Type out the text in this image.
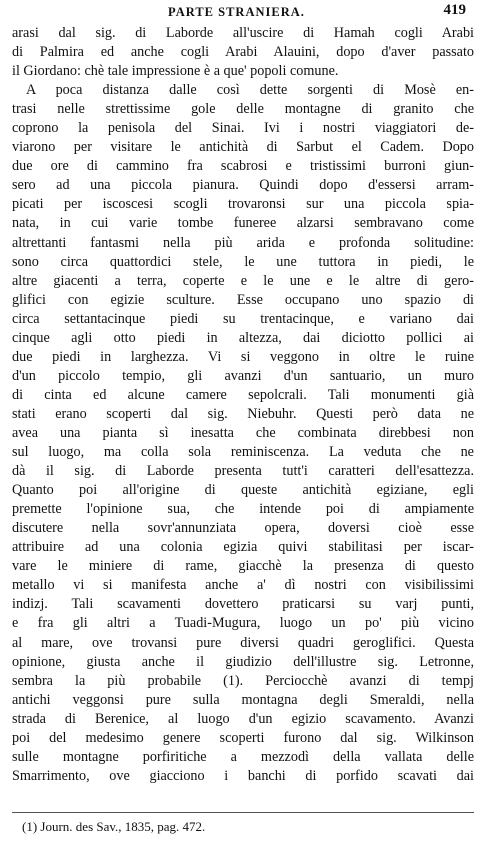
PARTE STRANIERA.	419
arasi dal sig. di Laborde all'uscire di Hamah cogli Arabi
di Palmira ed anche cogli Arabi Alauini, dopo d'aver passato
il Giordano: chè tale impressione è a que' popoli comune.
A poca distanza dalle così dette sorgenti di Mosè en-
trasi nelle strettissime gole delle montagne di granito che
coprono la penisola del Sinai. Ivi i nostri viaggiatori de-
viarono per visitare le antichità di Sarbut el Cadem. Dopo
due ore di cammino fra scabrosi e tristissimi burroni giun-
sero ad una piccola pianura. Quindi dopo d'essersi arram-
picati per iscoscesi scogli trovaronsi sur una piccola spia-
nata, in cui varie tombe funeree alzarsi sembravano come
altrettanti fantasmi nella più arida e profonda solitudine:
sono circa quattordici stele, le une tuttora in piedi, le
altre giacenti a terra, coperte e le une e le altre di gero-
glifici con egizie sculture. Esse occupano uno spazio di
circa settantacinque piedi su trentacinque, e variano dai
cinque agli otto piedi in altezza, dai diciotto pollici ai
due piedi in larghezza. Vi si veggono in oltre le ruine
d'un piccolo tempio, gli avanzi d'un santuario, un muro
di cinta ed alcune camere sepolcrali. Tali monumenti già
stati erano scoperti dal sig. Niebuhr. Questi però data ne
avea una pianta sì inesatta che combinata direbbesi non
sul luogo, ma colla sola reminiscenza. La veduta che ne
dà il sig. di Laborde presenta tutt'i caratteri dell'esattezza.
Quanto poi all'origine di queste antichità egiziane, egli
premette l'opinione sua, che intende poi di ampiamente
discutere nella sovr'annunziata opera, doversi cioè esse
attribuire ad una colonia egizia quivi stabilitasi per iscar-
vare le miniere di rame, giacchè la presenza di questo
metallo vi si manifesta anche a' dì nostri con visibilissimi
indizj. Tali scavamenti dovettero praticarsi su varj punti,
e fra gli altri a Tuadi-Mugura, luogo un po' più vicino
al mare, ove trovansi pure diversi quadri geroglifici. Questa
opinione, giusta anche il giudizio dell'illustre sig. Letronne,
sembra la più probabile (1). Perciocchè avanzi di tempj
antichi veggonsi pure sulla montagna degli Smeraldi, nella
strada di Berenice, al luogo d'un egizio scavamento. Avanzi
poi del medesimo genere scoperti furono dal sig. Wilkinson
sulle montagne porfiritiche a mezzodì della vallata delle
Smarrimento, ove giacciono i banchi di porfido scavati dai
(1) Journ. des Sav., 1835, pag. 472.
